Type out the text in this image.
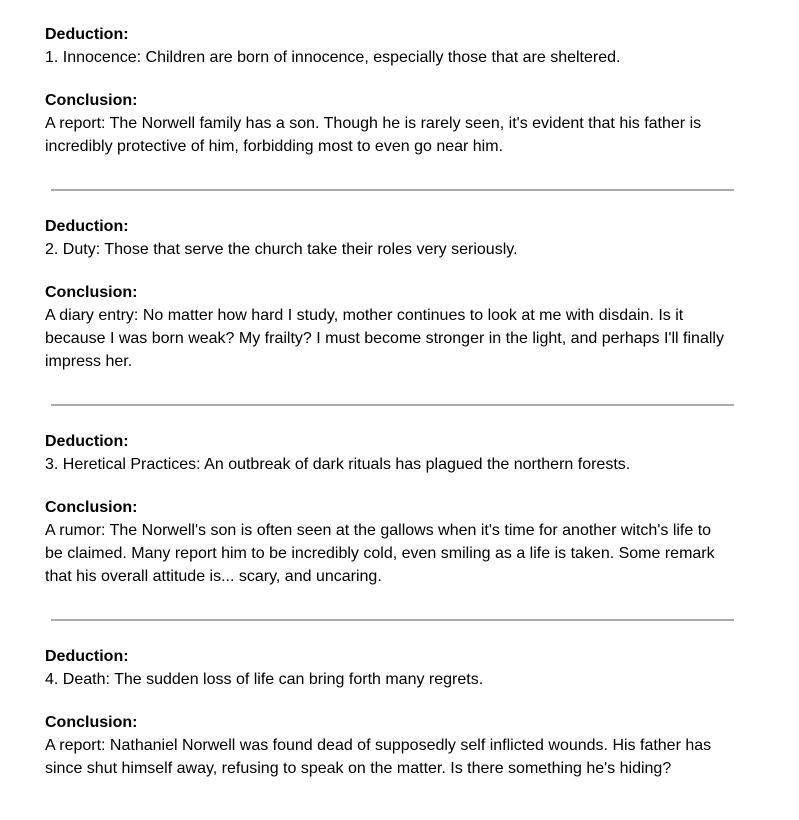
Deduction:
1. Innocence: Children are born of innocence, especially those that are sheltered.

Conclusion:
A report: The Norwell family has a son. Though he is rarely seen, it's evident that his father is incredibly protective of him, forbidding most to even go near him.

Deduction:
2. Duty: Those that serve the church take their roles very seriously.

Conclusion:
A diary entry: No matter how hard I study, mother continues to look at me with disdain. Is it because I was born weak? My frailty? I must become stronger in the light, and perhaps I'll finally impress her.

Deduction:
3. Heretical Practices: An outbreak of dark rituals has plagued the northern forests.

Conclusion:
A rumor: The Norwell's son is often seen at the gallows when it's time for another witch's life to be claimed. Many report him to be incredibly cold, even smiling as a life is taken. Some remark that his overall attitude is... scary, and uncaring.

Deduction:
4. Death: The sudden loss of life can bring forth many regrets.

Conclusion:
A report: Nathaniel Norwell was found dead of supposedly self inflicted wounds. His father has since shut himself away, refusing to speak on the matter. Is there something he's hiding?
